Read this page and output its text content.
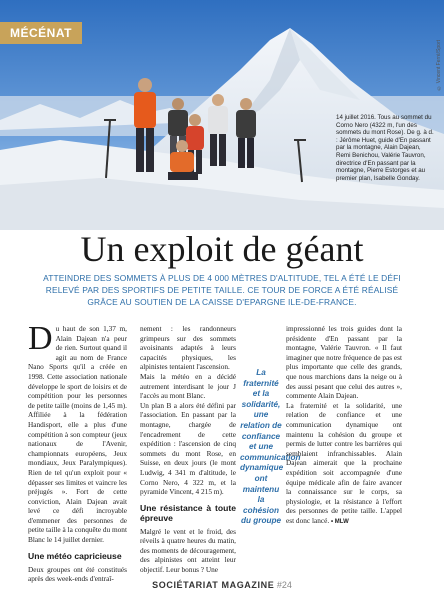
MÉCÉNAT
© Vincent Ferré/Sport
14 juillet 2016. Tous au sommet du Corno Nero (4322 m, l'un des sommets du mont Rose). De g. à d. : Jérôme Huet, guide d'En passant par la montagne, Alain Dajean, Remi Benichou, Valérie Tauvron, directrice d'En passant par la montagne, Pierre Estorges et au premier plan, Isabelle Gonday.
Un exploit de géant
ATTEINDRE DES SOMMETS À PLUS DE 4 000 MÈTRES D'ALTITUDE, TEL A ÉTÉ LE DÉFI RELEVÉ PAR DES SPORTIFS DE PETITE TAILLE. CE TOUR DE FORCE A ÉTÉ RÉALISÉ GRÂCE AU SOUTIEN DE LA CAISSE D'EPARGNE ILE-DE-FRANCE.
D u haut de son 1,37 m, Alain Dajean n'a peur de rien. Surtout quand il agit au nom de France Nano Sports qu'il a créée en 1998. Cette association nationale développe le sport de loisirs et de compétition pour les personnes de petite taille (moins de 1,45 m). Affiliée à la fédération Handisport, elle a plus d'une compétition à son compteur (jeux nationaux de l'Avenir, championnats européens, Jeux mondiaux, Jeux Paralympiques). Rien de tel qu'un exploit pour « dépasser ses limites et vaincre les préjugés ». Fort de cette conviction, Alain Dajean avait levé ce défi incroyable d'emmener des personnes de petite taille à la conquête du mont Blanc le 14 juillet dernier.

Une météo capricieuse

Deux groupes ont été constitués après des week-ends d'entraî-

nement : les randonneurs grimpeurs sur des sommets avoisinants adaptés à leurs capacités physiques, les alpinistes tentaient l'ascension.

Mais la météo en a décidé autrement interdisant le jour J l'accès au mont Blanc.

Un plan B a alors été défini par l'association. En passant par la montagne, chargée de l'encadrement de cette expédition : l'ascension de cinq sommets du mont Rose, en Suisse, en deux jours (le mont Ludwig, 4 341 m d'altitude, le Corno Nero, 4 322 m, et la pyramide Vincent, 4 215 m).

Une résistance à toute épreuve

Malgré le vent et le froid, des réveils à quatre heures du matin, des moments de découragement, des alpinistes ont atteint leur objectif. Leur bonus ? Une

La fraternité et la solidarité, une relation de confiance et une communication dynamique ont maintenu la cohésion du groupe

impressionné les trois guides dont la présidente d'En passant par la montagne, Valérie Tauvron. « Il faut imaginer que notre fréquence de pas est plus importante que celle des grands, que nous marchions dans la neige ou à des aussi pesant que celui des autres », commente Alain Dajean.

La fraternité et la solidarité, une relation de confiance et une communication dynamique ont maintenu la cohésion du groupe et permis de lutter contre les barrières qui semblaient infranchissables. Alain Dajean aimerait que la prochaine expédition soit accompagnée d'une équipe médicale afin de faire avancer la connaissance sur le corps, sa physiologie, et la résistance à l'effort des personnes de petite taille. L'appel est donc lancé. • MLW

SOCIÉTARIAT MAGAZINE #24
